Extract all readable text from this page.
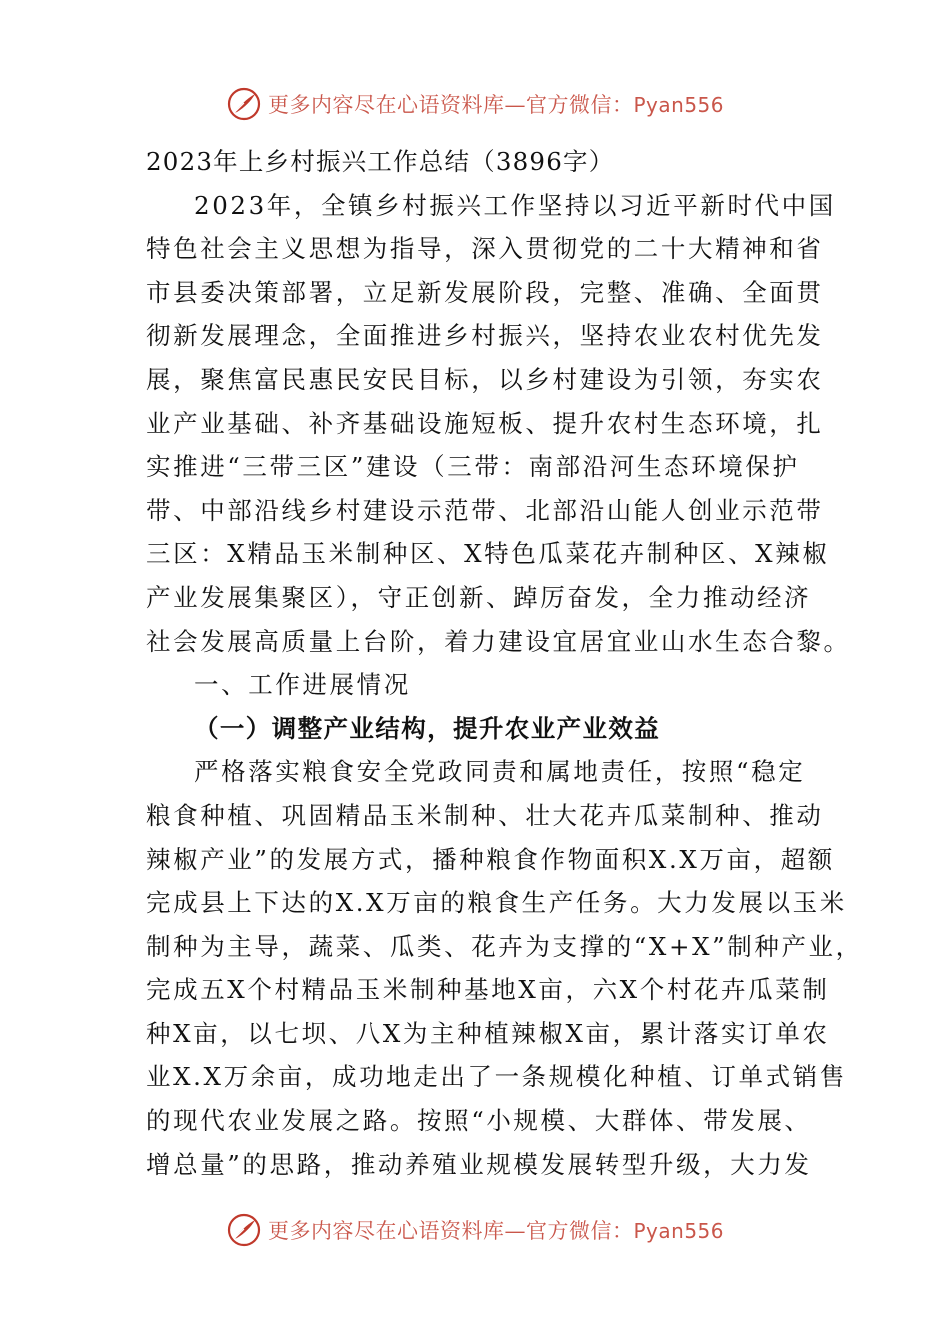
更多内容尽在心语资料库—官方微信：Pyan556
2023年上乡村振兴工作总结（3896字）
2023年，全镇乡村振兴工作坚持以习近平新时代中国
特色社会主义思想为指导，深入贯彻党的二十大精神和省
市县委决策部署，立足新发展阶段，完整、准确、全面贯
彻新发展理念，全面推进乡村振兴，坚持农业农村优先发
展，聚焦富民惠民安民目标，以乡村建设为引领，夯实农
业产业基础、补齐基础设施短板、提升农村生态环境，扎
实推进“三带三区”建设（三带：南部沿河生态环境保护
带、中部沿线乡村建设示范带、北部沿山能人创业示范带
三区：X精品玉米制种区、X特色瓜菜花卉制种区、X辣椒
产业发展集聚区），守正创新、踔厉奋发，全力推动经济
社会发展高质量上台阶，着力建设宜居宜业山水生态合黎。
一、工作进展情况
（一）调整产业结构，提升农业产业效益
严格落实粮食安全党政同责和属地责任，按照“稳定
粮食种植、巩固精品玉米制种、壮大花卉瓜菜制种、推动
辣椒产业”的发展方式，播种粮食作物面积X.X万亩，超额
完成县上下达的X.X万亩的粮食生产任务。大力发展以玉米
制种为主导，蔬菜、瓜类、花卉为支撑的“X+X”制种产业，
完成五X个村精品玉米制种基地X亩，六X个村花卉瓜菜制
种X亩，以七坝、八X为主种植辣椒X亩，累计落实订单农
业X.X万余亩，成功地走出了一条规模化种植、订单式销售
的现代农业发展之路。按照“小规模、大群体、带发展、
增总量”的思路，推动养殖业规模发展转型升级，大力发
更多内容尽在心语资料库—官方微信：Pyan556
